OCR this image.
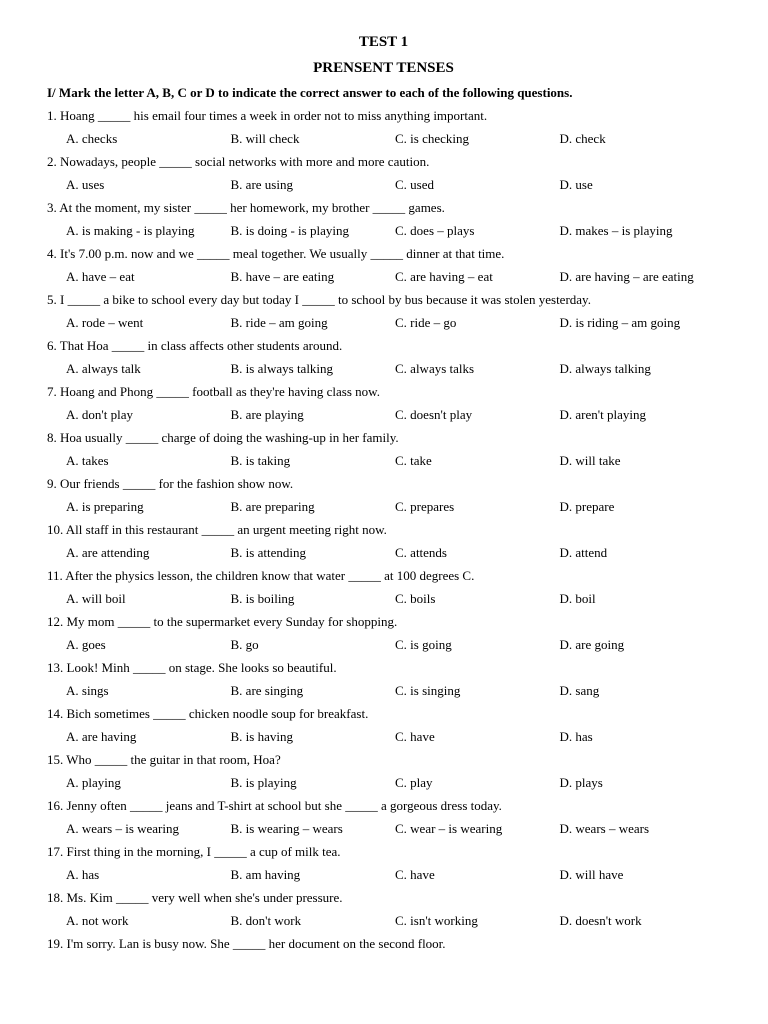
TEST 1
PRENSENT TENSES
I/ Mark the letter A, B, C or D to indicate the correct answer to each of the following questions.
1. Hoang _____ his email four times a week in order not to miss anything important.
A. checks	B. will check	C. is checking	D. check
2. Nowadays, people _____ social networks with more and more caution.
A. uses	B. are using	C. used	D. use
3. At the moment, my sister _____ her homework, my brother _____ games.
A. is making - is playing	B. is doing - is playing	C. does – plays	D. makes – is playing
4. It's 7.00 p.m. now and we _____ meal together. We usually _____ dinner at that time.
A. have – eat	B. have – are eating	C. are having – eat	D. are having – are eating
5. I _____ a bike to school every day but today I _____ to school by bus because it was stolen yesterday.
A. rode – went	B. ride – am going	C. ride – go	D. is riding – am going
6. That Hoa _____ in class affects other students around.
A. always talk	B. is always talking	C. always talks	D. always talking
7. Hoang and Phong _____ football as they're having class now.
A. don't play	B. are playing	C. doesn't play	D. aren't playing
8. Hoa usually _____ charge of doing the washing-up in her family.
A. takes	B. is taking	C. take	D. will take
9. Our friends _____ for the fashion show now.
A. is preparing	B. are preparing	C. prepares	D. prepare
10. All staff in this restaurant _____ an urgent meeting right now.
A. are attending	B. is attending	C. attends	D. attend
11. After the physics lesson, the children know that water _____ at 100 degrees C.
A. will boil	B. is boiling	C. boils	D. boil
12. My mom _____ to the supermarket every Sunday for shopping.
A. goes	B. go	C. is going	D. are going
13. Look! Minh _____ on stage. She looks so beautiful.
A. sings	B. are singing	C. is singing	D. sang
14. Bich sometimes _____ chicken noodle soup for breakfast.
A. are having	B. is having	C. have	D. has
15. Who _____ the guitar in that room, Hoa?
A. playing	B. is playing	C. play	D. plays
16. Jenny often _____ jeans and T-shirt at school but she _____ a gorgeous dress today.
A. wears – is wearing	B. is wearing – wears	C. wear – is wearing	D. wears – wears
17. First thing in the morning, I _____ a cup of milk tea.
A. has	B. am having	C. have	D. will have
18. Ms. Kim _____ very well when she's under pressure.
A. not work	B. don't work	C. isn't working	D. doesn't work
19. I'm sorry. Lan is busy now. She _____ her document on the second floor.
